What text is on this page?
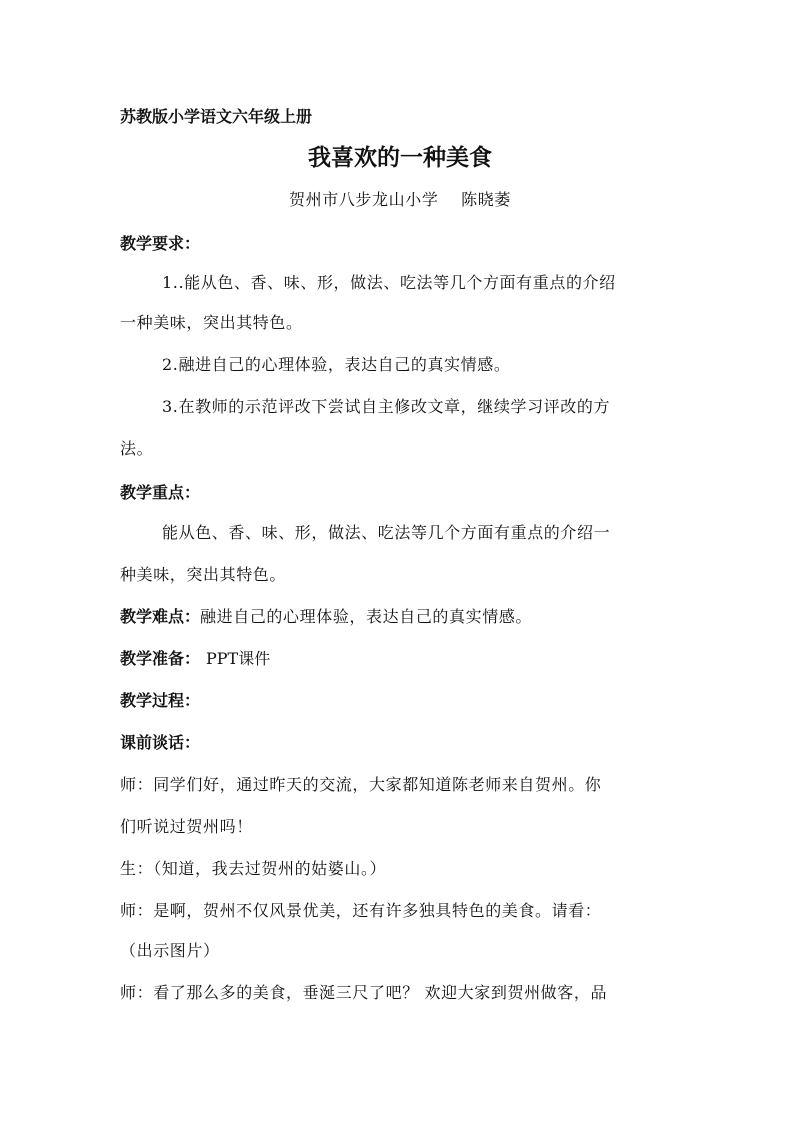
苏教版小学语文六年级上册
我喜欢的一种美食
贺州市八步龙山小学    陈晓萎
教学要求：
1..能从色、香、味、形，做法、吃法等几个方面有重点的介绍
一种美味，突出其特色。
2.融进自己的心理体验，表达自己的真实情感。
3.在教师的示范评改下尝试自主修改文章，继续学习评改的方
法。
教学重点：
能从色、香、味、形，做法、吃法等几个方面有重点的介绍一
种美味，突出其特色。
教学难点：融进自己的心理体验，表达自己的真实情感。
教学准备： PPT课件
教学过程：
课前谈话：
师：同学们好，通过昨天的交流，大家都知道陈老师来自贺州。你
们听说过贺州吗！
生：（知道，我去过贺州的姑婆山。）
师：是啊，贺州不仅风景优美，还有许多独具特色的美食。请看：
（出示图片）
师：看了那么多的美食，垂涎三尺了吧？ 欢迎大家到贺州做客，品
